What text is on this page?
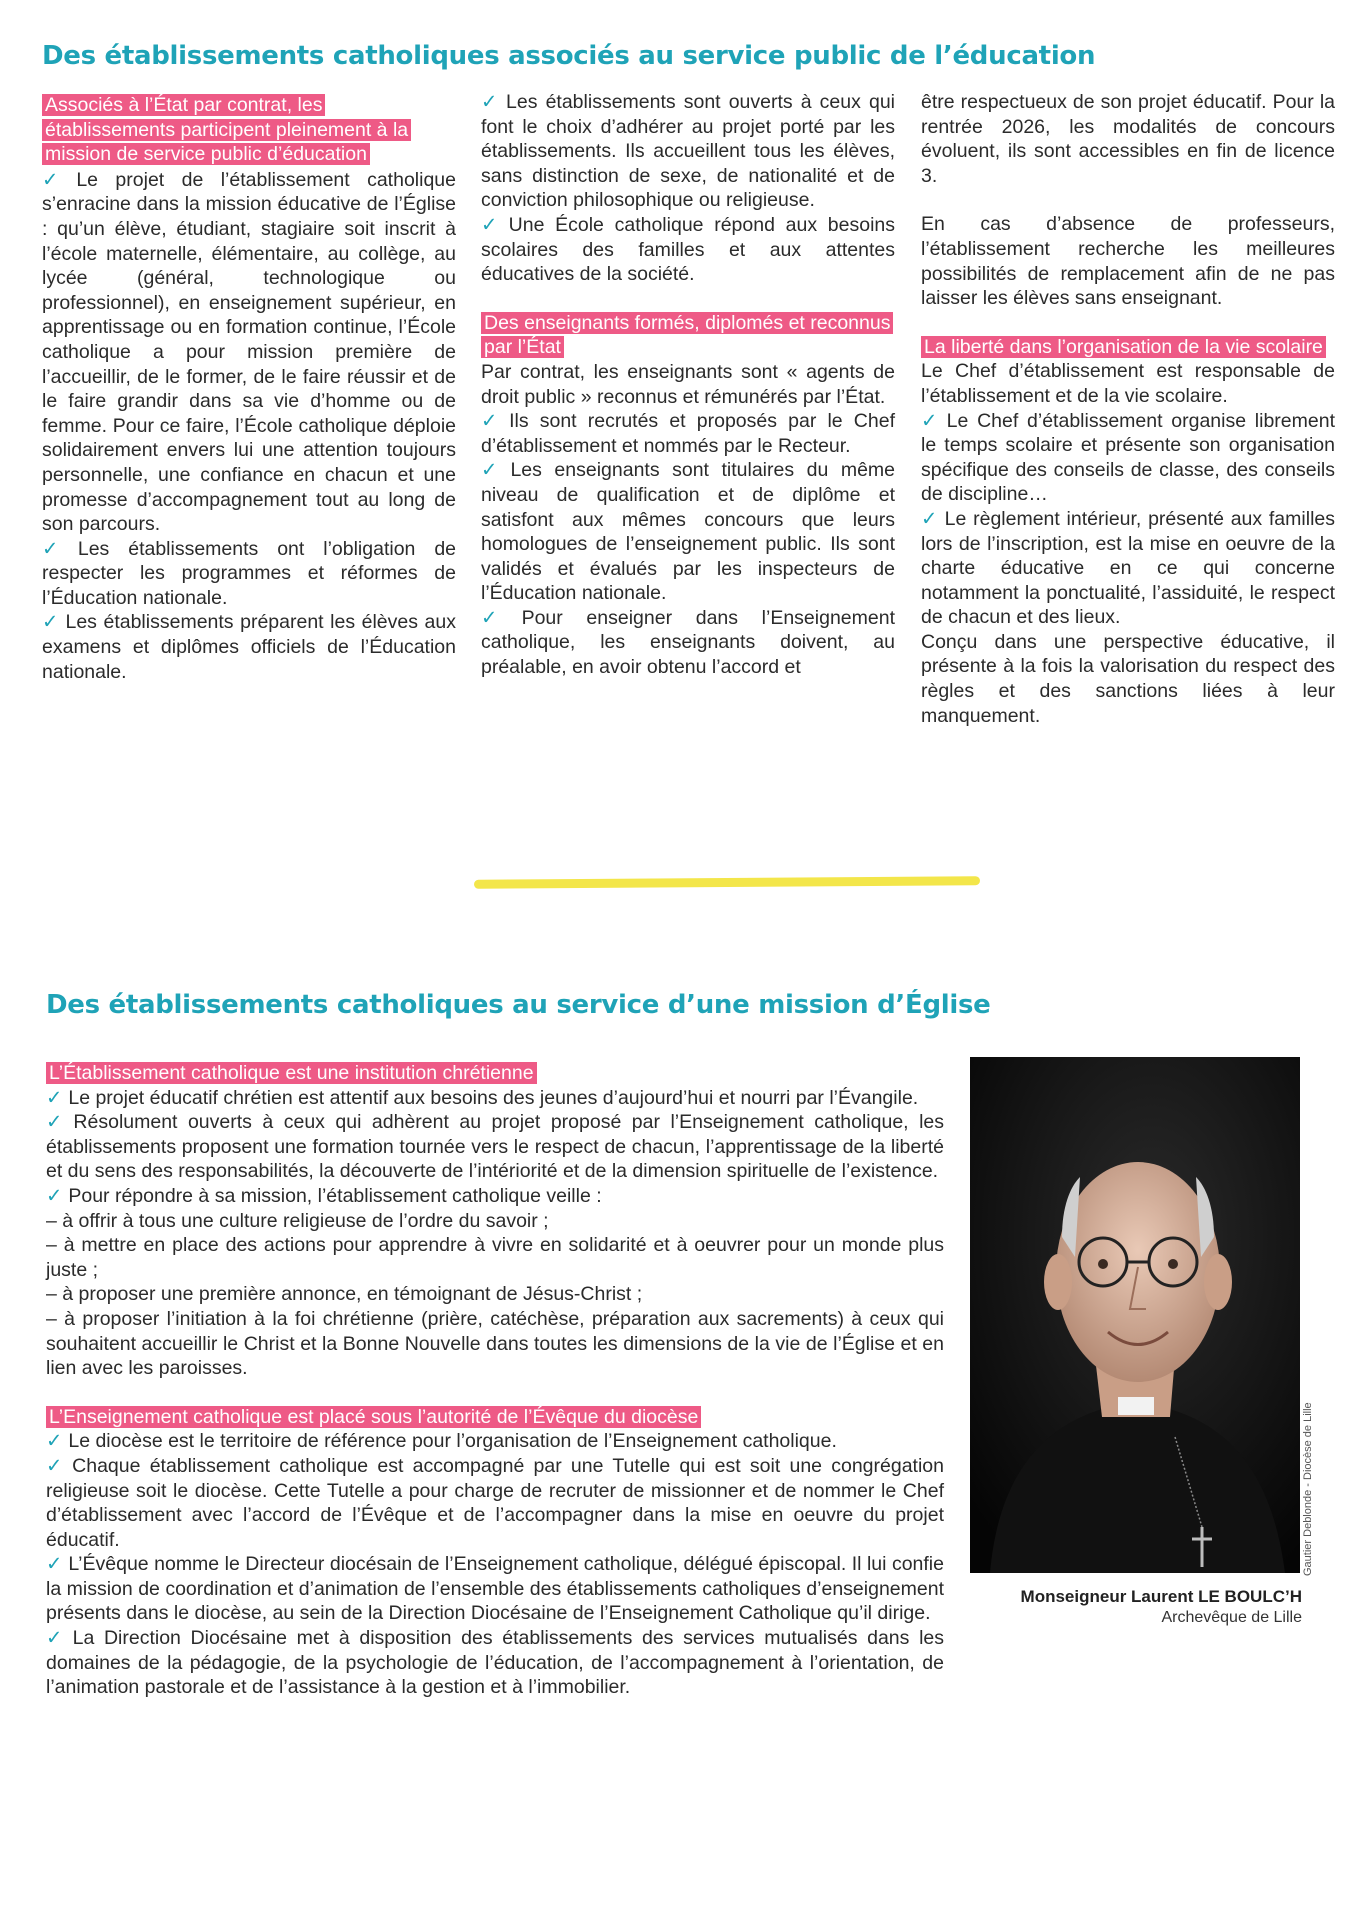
Des établissements catholiques associés au service public de l’éducation

Associés à l’État par contrat, les établissements participent pleinement à la mission de service public d’éducation

✓ Le projet de l’établissement catholique s’enracine dans la mission éducative de l’Église : qu’un élève, étudiant, stagiaire soit inscrit à l’école maternelle, élémentaire, au collège, au lycée (général, technologique ou professionnel), en enseignement supérieur, en apprentissage ou en formation continue, l’École catholique a pour mission première de l’accueillir, de le former, de le faire réussir et de le faire grandir dans sa vie d’homme ou de femme. Pour ce faire, l’École catholique déploie solidairement envers lui une attention toujours personnelle, une confiance en chacun et une promesse d’accompagnement tout au long de son parcours.

✓ Les établissements ont l’obligation de respecter les programmes et réformes de l’Éducation nationale.

✓ Les établissements préparent les élèves aux examens et diplômes officiels de l’Éducation nationale.

✓ Les établissements sont ouverts à ceux qui font le choix d’adhérer au projet porté par les établissements. Ils accueillent tous les élèves, sans distinction de sexe, de nationalité et de conviction philosophique ou religieuse.

✓ Une École catholique répond aux besoins scolaires des familles et aux attentes éducatives de la société.

Des enseignants formés, diplomés et reconnus par l’État

Par contrat, les enseignants sont « agents de droit public » reconnus et rémunérés par l’État.

✓ Ils sont recrutés et proposés par le Chef d’établissement et nommés par le Recteur.

✓ Les enseignants sont titulaires du même niveau de qualification et de diplôme et satisfont aux mêmes concours que leurs homologues de l’enseignement public. Ils sont validés et évalués par les inspecteurs de l’Éducation nationale.

✓ Pour enseigner dans l’Enseignement catholique, les enseignants doivent, au préalable, en avoir obtenu l’accord et

être respectueux de son projet éducatif. Pour la rentrée 2026, les modalités de concours évoluent, ils sont accessibles en fin de licence 3.

En cas d’absence de professeurs, l’établissement recherche les meilleures possibilités de remplacement afin de ne pas laisser les élèves sans enseignant.

La liberté dans l’organisation de la vie scolaire

Le Chef d’établissement est responsable de l’établissement et de la vie scolaire.

✓ Le Chef d’établissement organise librement le temps scolaire et présente son organisation spécifique des conseils de classe, des conseils de discipline…

✓ Le règlement intérieur, présenté aux familles lors de l’inscription, est la mise en oeuvre de la charte éducative en ce qui concerne notamment la ponctualité, l’assiduité, le respect de chacun et des lieux.

Conçu dans une perspective éducative, il présente à la fois la valorisation du respect des règles et des sanctions liées à leur manquement.

Des établissements catholiques au service d’une mission d’Église

L’Établissement catholique est une institution chrétienne

✓ Le projet éducatif chrétien est attentif aux besoins des jeunes d’aujourd’hui et nourri par l’Évangile.

✓ Résolument ouverts à ceux qui adhèrent au projet proposé par l’Enseignement catholique, les établissements proposent une formation tournée vers le respect de chacun, l’apprentissage de la liberté et du sens des responsabilités, la découverte de l’intériorité et de la dimension spirituelle de l’existence.

✓ Pour répondre à sa mission, l’établissement catholique veille :

– à offrir à tous une culture religieuse de l’ordre du savoir ;

– à mettre en place des actions pour apprendre à vivre en solidarité et à oeuvrer pour un monde plus juste ;

– à proposer une première annonce, en témoignant de Jésus-Christ ;

– à proposer l’initiation à la foi chrétienne (prière, catéchèse, préparation aux sacrements) à ceux qui souhaitent accueillir le Christ et la Bonne Nouvelle dans toutes les dimensions de la vie de l’Église et en lien avec les paroisses.

L’Enseignement catholique est placé sous l’autorité de l’Évêque du diocèse

✓ Le diocèse est le territoire de référence pour l’organisation de l’Enseignement catholique.

✓ Chaque établissement catholique est accompagné par une Tutelle qui est soit une congrégation religieuse soit le diocèse. Cette Tutelle a pour charge de recruter de missionner et de nommer le Chef d’établissement avec l’accord de l’Évêque et de l’accompagner dans la mise en oeuvre du projet éducatif.

✓ L’Évêque nomme le Directeur diocésain de l’Enseignement catholique, délégué épiscopal. Il lui confie la mission de coordination et d’animation de l’ensemble des établissements catholiques d’enseignement présents dans le diocèse, au sein de la Direction Diocésaine de l’Enseignement Catholique qu’il dirige.

✓ La Direction Diocésaine met à disposition des établissements des services mutualisés dans les domaines de la pédagogie, de la psychologie de l’éducation, de l’accompagnement à l’orientation, de l’animation pastorale et de l’assistance à la gestion et à l’immobilier.

Gautier Deblonde - Diocèse de Lille
Monseigneur Laurent LE BOULC’H
Archevêque de Lille
